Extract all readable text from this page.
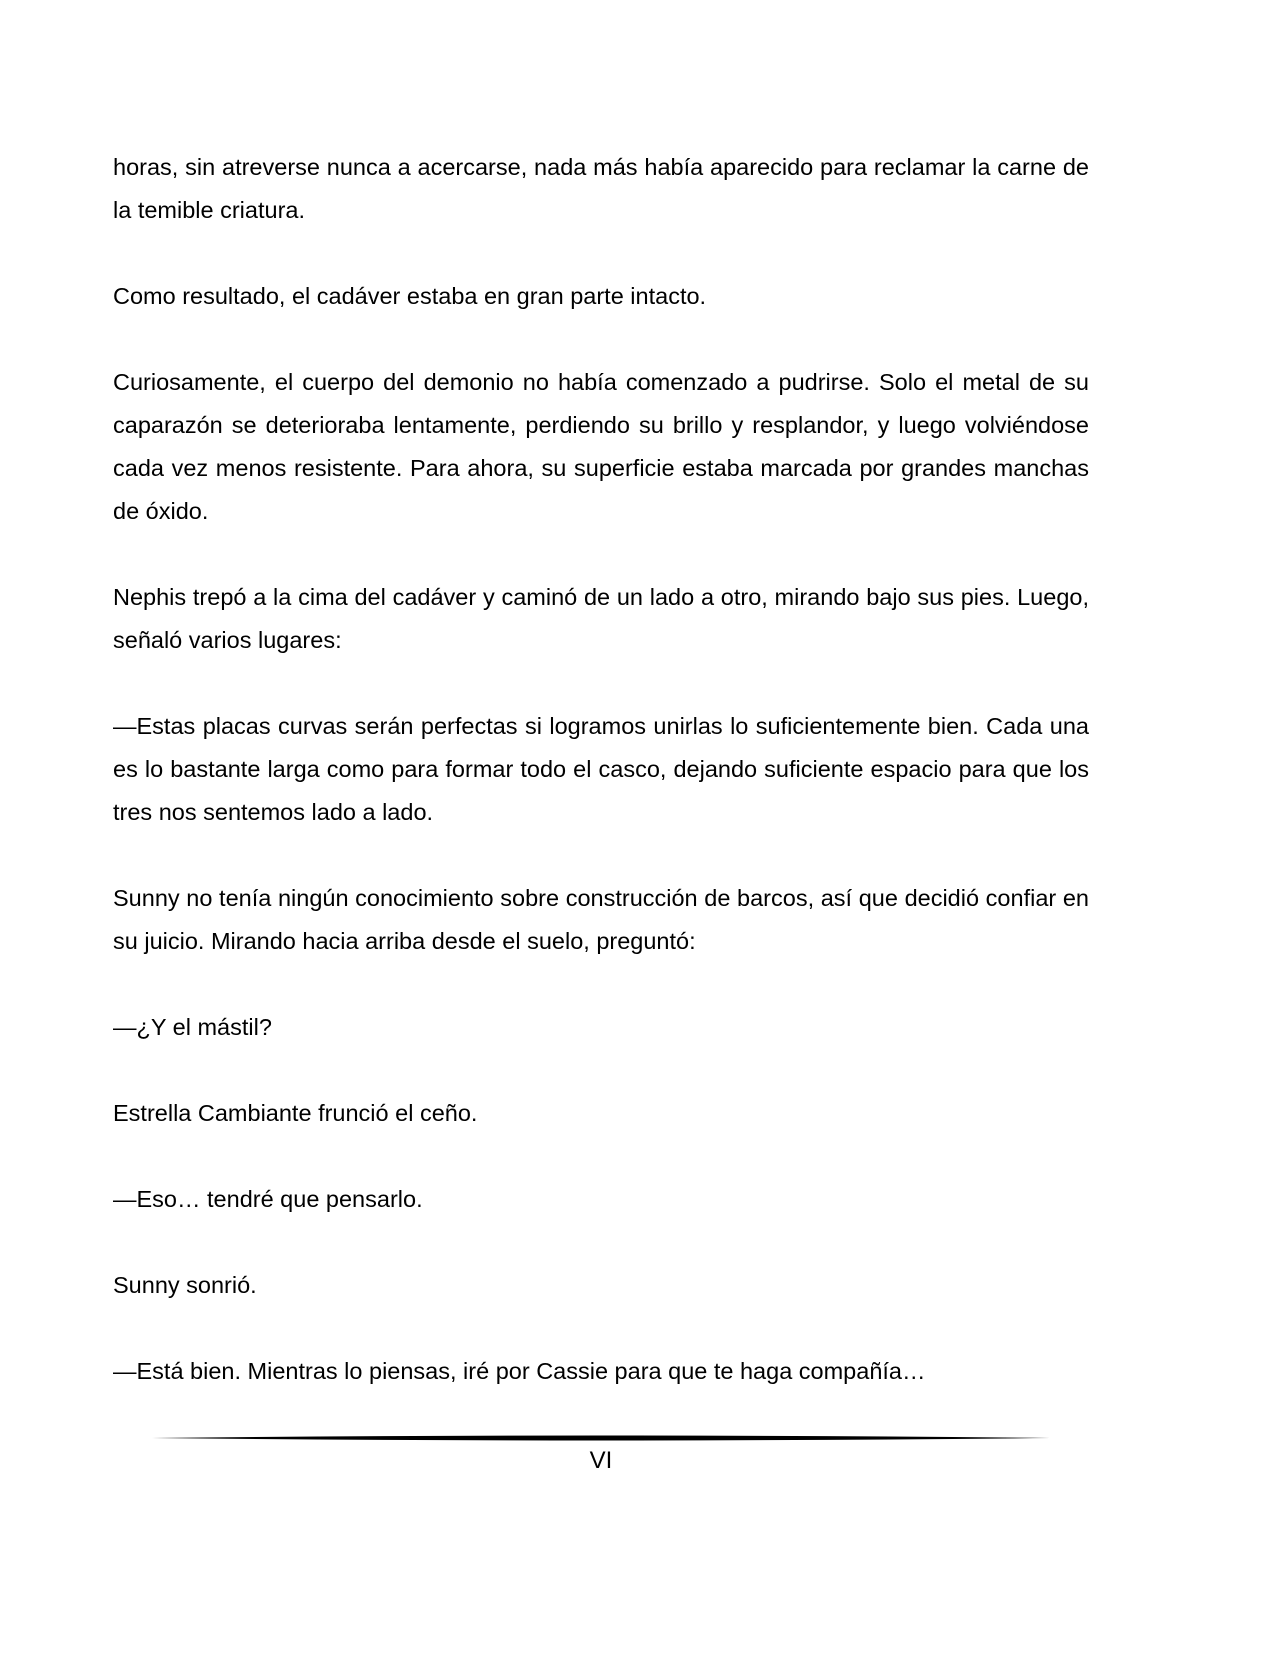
horas, sin atreverse nunca a acercarse, nada más había aparecido para reclamar la carne de la temible criatura.

Como resultado, el cadáver estaba en gran parte intacto.

Curiosamente, el cuerpo del demonio no había comenzado a pudrirse. Solo el metal de su caparazón se deterioraba lentamente, perdiendo su brillo y resplandor, y luego volviéndose cada vez menos resistente. Para ahora, su superficie estaba marcada por grandes manchas de óxido.

Nephis trepó a la cima del cadáver y caminó de un lado a otro, mirando bajo sus pies. Luego, señaló varios lugares:

—Estas placas curvas serán perfectas si logramos unirlas lo suficientemente bien. Cada una es lo bastante larga como para formar todo el casco, dejando suficiente espacio para que los tres nos sentemos lado a lado.

Sunny no tenía ningún conocimiento sobre construcción de barcos, así que decidió confiar en su juicio. Mirando hacia arriba desde el suelo, preguntó:

—¿Y el mástil?

Estrella Cambiante frunció el ceño.

—Eso… tendré que pensarlo.

Sunny sonrió.

—Está bien. Mientras lo piensas, iré por Cassie para que te haga compañía…

VI
